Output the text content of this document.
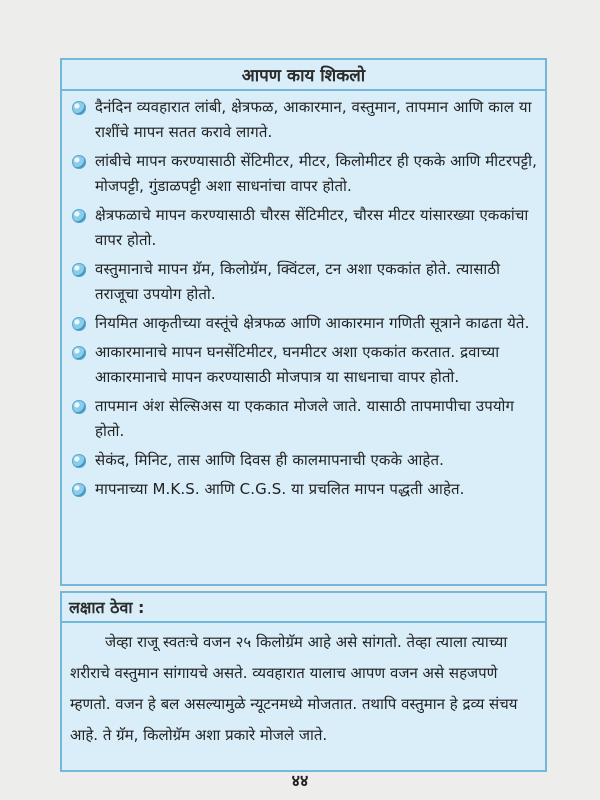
आपण काय शिकलो
दैनंदिन व्यवहारात लांबी, क्षेत्रफळ, आकारमान, वस्तुमान, तापमान आणि काल या राशींचे मापन सतत करावे लागते.
लांबीचे मापन करण्यासाठी सेंटिमीटर, मीटर, किलोमीटर ही एकके आणि मीटरपट्टी, मोजपट्टी, गुंडाळपट्टी अशा साधनांचा वापर होतो.
क्षेत्रफळाचे मापन करण्यासाठी चौरस सेंटिमीटर, चौरस मीटर यांसारख्या एककांचा वापर होतो.
वस्तुमानाचे मापन ग्रॅम, किलोग्रॅम, क्विंटल, टन अशा एककांत होते. त्यासाठी तराजूचा उपयोग होतो.
नियमित आकृतीच्या वस्तूंचे क्षेत्रफळ आणि आकारमान गणिती सूत्राने काढता येते.
आकारमानाचे मापन घनसेंटिमीटर, घनमीटर अशा एककांत करतात. द्रवाच्या आकारमानाचे मापन करण्यासाठी मोजपात्र या साधनाचा वापर होतो.
तापमान अंश सेल्सिअस या एककात मोजले जाते. यासाठी तापमापीचा उपयोग होतो.
सेकंद, मिनिट, तास आणि दिवस ही कालमापनाची एकके आहेत.
मापनाच्या M.K.S. आणि C.G.S. या प्रचलित मापन पद्धती आहेत.
लक्षात ठेवा :

जेव्हा राजू स्वतःचे वजन २५ किलोग्रॅम आहे असे सांगतो. तेव्हा त्याला त्याच्या शरीराचे वस्तुमान सांगायचे असते. व्यवहारात यालाच आपण वजन असे सहजपणे म्हणतो. वजन हे बल असल्यामुळे न्यूटनमध्ये मोजतात. तथापि वस्तुमान हे द्रव्य संचय आहे. ते ग्रॅम, किलोग्रॅम अशा प्रकारे मोजले जाते.

४४
